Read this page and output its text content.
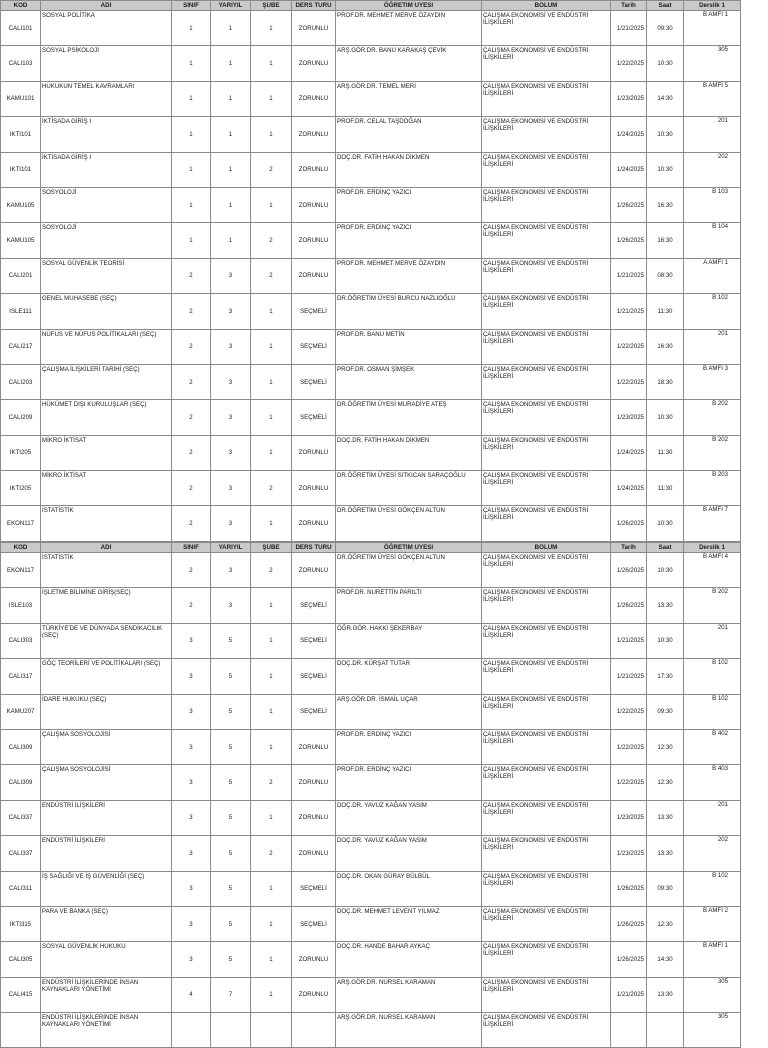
KOD	ADI	SINIF	YARIYIL	ŞUBE	DERS TURU	ÖĞRETIM UYESI	BOLUM	Tarih	Saat	Derslik 1
CALI101	SOSYAL POLİTİKA	1	1	1	ZORUNLU	PROF.DR. MEHMET MERVE ÖZAYDIN	ÇALIŞMA EKONOMİSİ VE ENDÜSTRİ İLİŞKİLERİ	1/21/2025	09:30	B AMFİ 1
CALI103	SOSYAL PSİKOLOJİ	1	1	1	ZORUNLU	ARŞ.GÖR.DR. BANU KARAKAŞ ÇEVİK	ÇALIŞMA EKONOMİSİ VE ENDÜSTRİ İLİŞKİLERİ	1/22/2025	10:30	305
KAMU101	HUKUKUN TEMEL KAVRAMLARI	1	1	1	ZORUNLU	ARŞ.GÖR.DR. TEMEL MERİ	ÇALIŞMA EKONOMİSİ VE ENDÜSTRİ İLİŞKİLERİ	1/23/2025	14:30	B AMFİ 5
IKTI101	İKTİSADA GİRİŞ I	1	1	1	ZORUNLU	PROF.DR. CELAL TAŞDOĞAN	ÇALIŞMA EKONOMİSİ VE ENDÜSTRİ İLİŞKİLERİ	1/24/2025	10:30	201
IKTI101	İKTİSADA GİRİŞ I	1	1	2	ZORUNLU	DOÇ.DR. FATİH HAKAN DİKMEN	ÇALIŞMA EKONOMİSİ VE ENDÜSTRİ İLİŞKİLERİ	1/24/2025	10:30	202
KAMU105	SOSYOLOJİ	1	1	1	ZORUNLU	PROF.DR. ERDİNÇ YAZICI	ÇALIŞMA EKONOMİSİ VE ENDÜSTRİ İLİŞKİLERİ	1/26/2025	16:30	B 103
KAMU105	SOSYOLOJİ	1	1	2	ZORUNLU	PROF.DR. ERDİNÇ YAZICI	ÇALIŞMA EKONOMİSİ VE ENDÜSTRİ İLİŞKİLERİ	1/26/2025	16:30	B 104
CALI201	SOSYAL GÜVENLİK TEORİSİ	2	3	2	ZORUNLU	PROF.DR. MEHMET MERVE ÖZAYDIN	ÇALIŞMA EKONOMİSİ VE ENDÜSTRİ İLİŞKİLERİ	1/21/2025	08:30	A AMFİ 1
ISLE111	GENEL MUHASEBE (SEÇ)	2	3	1	SEÇMELİ	DR.ÖĞRETİM ÜYESİ BURCU NAZLIOĞLU	ÇALIŞMA EKONOMİSİ VE ENDÜSTRİ İLİŞKİLERİ	1/21/2025	11:30	B 102
CALI217	NÜFUS VE NÜFUS POLİTİKALARI (SEÇ)	2	3	1	SEÇMELİ	PROF.DR. BANU METİN	ÇALIŞMA EKONOMİSİ VE ENDÜSTRİ İLİŞKİLERİ	1/22/2025	16:30	201
CALI203	ÇALIŞMA İLİŞKİLERİ TARİHİ (SEÇ)	2	3	1	SEÇMELİ	PROF.DR. OSMAN ŞİMŞEK	ÇALIŞMA EKONOMİSİ VE ENDÜSTRİ İLİŞKİLERİ	1/22/2025	18:30	B AMFİ 3
CALI209	HÜKÜMET DIŞI KURULUŞLAR (SEÇ)	2	3	1	SEÇMELİ	DR.ÖĞRETİM ÜYESİ MURADİYE ATEŞ	ÇALIŞMA EKONOMİSİ VE ENDÜSTRİ İLİŞKİLERİ	1/23/2025	10:30	B 202
IKTI205	MİKRO İKTİSAT	2	3	1	ZORUNLU	DOÇ.DR. FATİH HAKAN DİKMEN	ÇALIŞMA EKONOMİSİ VE ENDÜSTRİ İLİŞKİLERİ	1/24/2025	11:30	B 202
IKTI205	MİKRO İKTİSAT	2	3	2	ZORUNLU	DR.ÖĞRETİM ÜYESİ SITKICAN SARAÇOĞLU	ÇALIŞMA EKONOMİSİ VE ENDÜSTRİ İLİŞKİLERİ	1/24/2025	11:30	B 203
EKON117	İSTATİSTİK	2	3	1	ZORUNLU	DR.ÖĞRETİM ÜYESİ GÖKÇEN ALTUN	ÇALIŞMA EKONOMİSİ VE ENDÜSTRİ İLİŞKİLERİ	1/26/2025	10:30	B AMFİ 7
KOD	ADI	SINIF	YARIYIL	ŞUBE	DERS TURU	ÖĞRETIM UYESI	BOLUM	Tarih	Saat	Derslik 1
EKON117	İSTATİSTİK	2	3	2	ZORUNLU	DR.ÖĞRETİM ÜYESİ GÖKÇEN ALTUN	ÇALIŞMA EKONOMİSİ VE ENDÜSTRİ İLİŞKİLERİ	1/26/2025	10:30	B AMFİ 4
ISLE103	İŞLETME BİLİMİNE GİRİŞ(SEÇ)	2	3	1	SEÇMELİ	PROF.DR. NURETTİN PARILTI	ÇALIŞMA EKONOMİSİ VE ENDÜSTRİ İLİŞKİLERİ	1/26/2025	13:30	B 202
CALI303	TÜRKİYE'DE VE DÜNYADA SENDİKACILIK (SEÇ)	3	5	1	SEÇMELİ	ÖĞR.GÖR. HAKKI ŞEKERBAY	ÇALIŞMA EKONOMİSİ VE ENDÜSTRİ İLİŞKİLERİ	1/21/2025	10:30	201
CALI317	GÖÇ TEORİLERİ VE POLİTİKALARI (SEÇ)	3	5	1	SEÇMELİ	DOÇ.DR. KÜRŞAT TUTAR	ÇALIŞMA EKONOMİSİ VE ENDÜSTRİ İLİŞKİLERİ	1/21/2025	17:30	B 102
KAMU207	İDARE HUKUKU (SEÇ)	3	5	1	SEÇMELİ	ARŞ.GÖR.DR. İSMAİL UÇAR	ÇALIŞMA EKONOMİSİ VE ENDÜSTRİ İLİŞKİLERİ	1/22/2025	09:30	B 102
CALI309	ÇALIŞMA SOSYOLOJİSİ	3	5	1	ZORUNLU	PROF.DR. ERDİNÇ YAZICI	ÇALIŞMA EKONOMİSİ VE ENDÜSTRİ İLİŞKİLERİ	1/22/2025	12:30	B 402
CALI309	ÇALIŞMA SOSYOLOJİSİ	3	5	2	ZORUNLU	PROF.DR. ERDİNÇ YAZICI	ÇALIŞMA EKONOMİSİ VE ENDÜSTRİ İLİŞKİLERİ	1/22/2025	12:30	B 403
CALI337	ENDÜSTRİ İLİŞKİLERİ	3	5	1	ZORUNLU	DOÇ.DR. YAVUZ KAĞAN YASIM	ÇALIŞMA EKONOMİSİ VE ENDÜSTRİ İLİŞKİLERİ	1/23/2025	13:30	201
CALI337	ENDÜSTRİ İLİŞKİLERİ	3	5	2	ZORUNLU	DOÇ.DR. YAVUZ KAĞAN YASIM	ÇALIŞMA EKONOMİSİ VE ENDÜSTRİ İLİŞKİLERİ	1/23/2025	13:30	202
CALI311	İŞ SAĞLIĞI VE İŞ GÜVENLİĞİ (SEÇ)	3	5	1	SEÇMELİ	DOÇ.DR. OKAN GÜRAY BÜLBÜL	ÇALIŞMA EKONOMİSİ VE ENDÜSTRİ İLİŞKİLERİ	1/26/2025	09:30	B 102
IKTI315	PARA VE BANKA (SEÇ)	3	5	1	SEÇMELİ	DOÇ.DR. MEHMET LEVENT YILMAZ	ÇALIŞMA EKONOMİSİ VE ENDÜSTRİ İLİŞKİLERİ	1/26/2025	12:30	B AMFİ 2
CALI305	SOSYAL GÜVENLİK HUKUKU	3	5	1	ZORUNLU	DOÇ.DR. HANDE BAHAR AYKAÇ	ÇALIŞMA EKONOMİSİ VE ENDÜSTRİ İLİŞKİLERİ	1/26/2025	14:30	B AMFİ 1
CALI415	ENDÜSTRİ İLİŞKİLERİNDE İNSAN KAYNAKLARI YÖNETİMİ	4	7	1	ZORUNLU	ARŞ.GÖR.DR. NURSEL KARAMAN	ÇALIŞMA EKONOMİSİ VE ENDÜSTRİ İLİŞKİLERİ	1/21/2025	13:30	305
	ENDÜSTRİ İLİŞKİLERİNDE İNSAN KAYNAKLARI YÖNETİMİ					ARŞ.GÖR.DR. NURSEL KARAMAN	ÇALIŞMA EKONOMİSİ VE ENDÜSTRİ İLİŞKİLERİ			305
